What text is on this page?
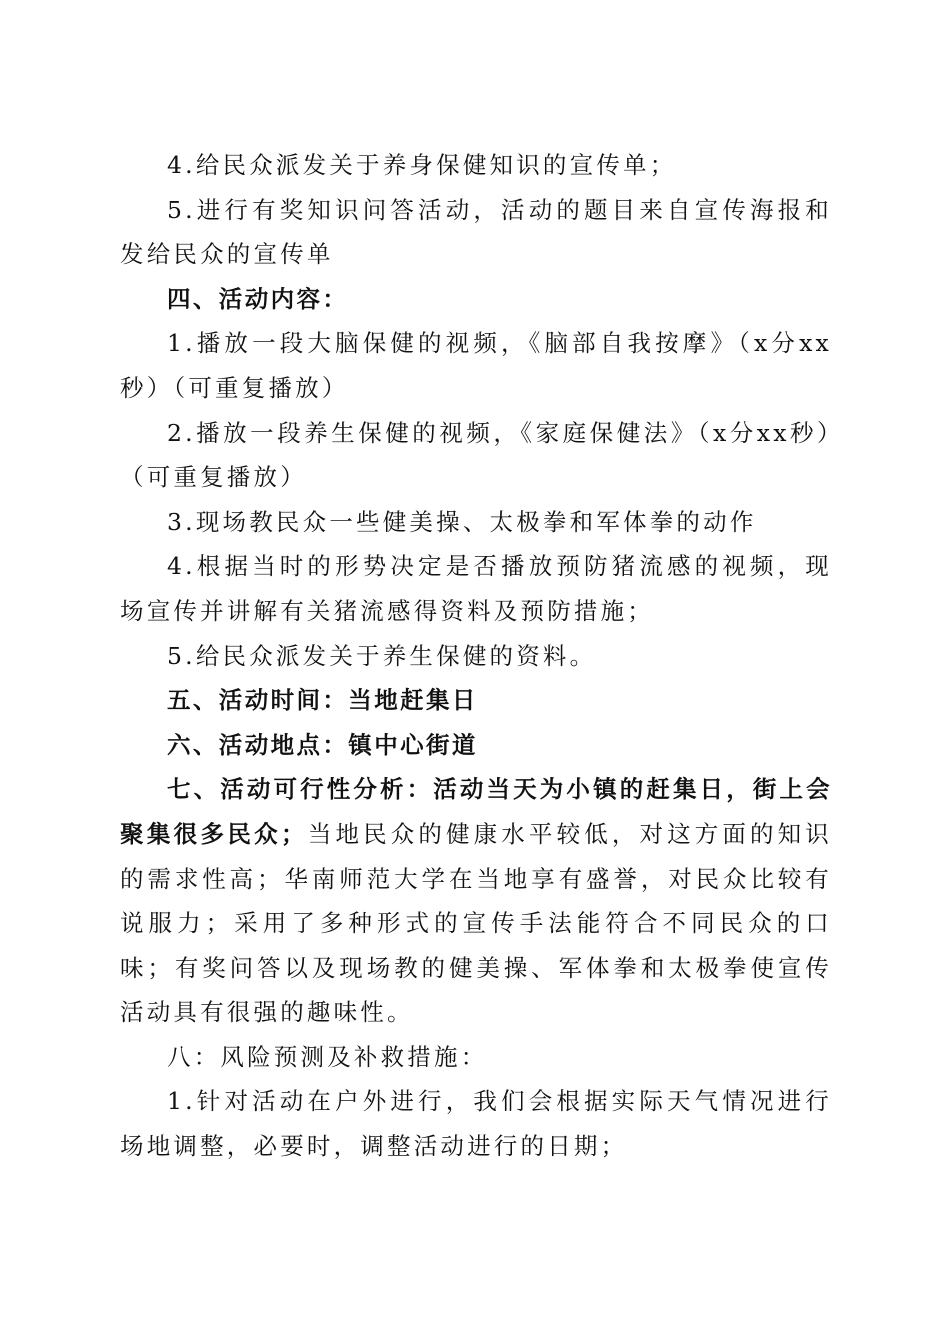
4.给民众派发关于养身保健知识的宣传单；

5.进行有奖知识问答活动，活动的题目来自宣传海报和发给民众的宣传单

四、活动内容：

1.播放一段大脑保健的视频，《脑部自我按摩》（x分xx秒）（可重复播放）

2.播放一段养生保健的视频，《家庭保健法》（x分xx秒）（可重复播放）

3.现场教民众一些健美操、太极拳和军体拳的动作

4.根据当时的形势决定是否播放预防猪流感的视频，现场宣传并讲解有关猪流感得资料及预防措施；

5.给民众派发关于养生保健的资料。

五、活动时间：当地赶集日

六、活动地点：镇中心街道

七、活动可行性分析：活动当天为小镇的赶集日，街上会聚集很多民众；当地民众的健康水平较低，对这方面的知识的需求性高；华南师范大学在当地享有盛誉，对民众比较有说服力；采用了多种形式的宣传手法能符合不同民众的口味；有奖问答以及现场教的健美操、军体拳和太极拳使宣传活动具有很强的趣味性。

八：风险预测及补救措施：

1.针对活动在户外进行，我们会根据实际天气情况进行场地调整，必要时，调整活动进行的日期；
